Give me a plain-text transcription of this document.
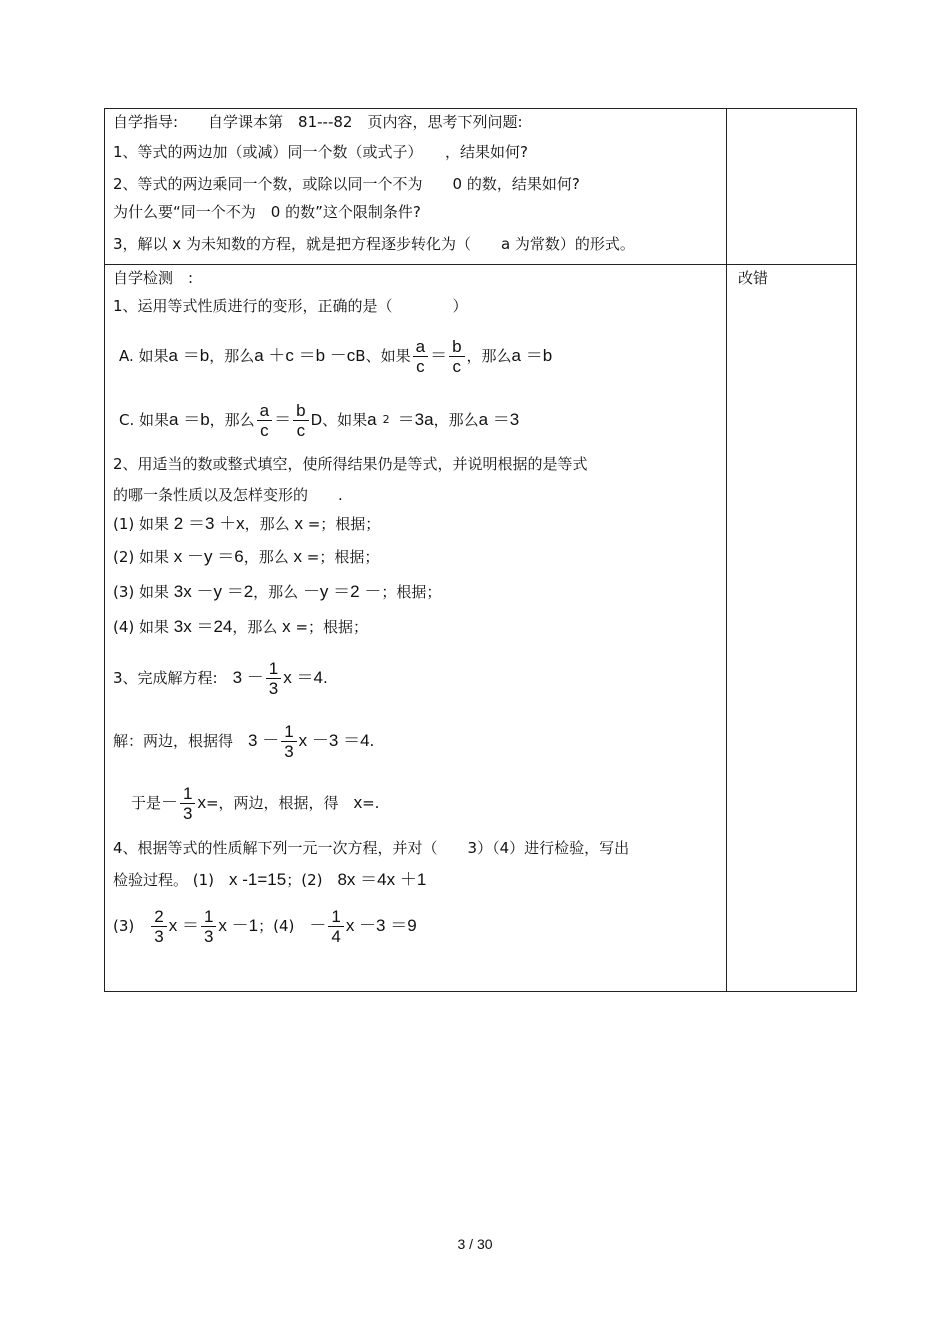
自学指导:　　自学课本第　81---82　页内容，思考下列问题:
1、等式的两边加（或减）同一个数（或式子）　　，结果如何?
2、等式的两边乘同一个数，或除以同一个不为　　0 的数，结果如何?
为什么要“同一个不为　0 的数”这个限制条件?
3，解以 x 为未知数的方程，就是把方程逐步转化为（　　a 为常数）的形式。
自学检测　:	改错
1、运用等式性质进行的变形，正确的是（　　　　）
A. 如果 a ＝b ，那么 a ＋c ＝b －c B、如果 $\frac{a}{c} = \frac{b}{c}$ ，那么 a ＝b
C. 如果 a ＝b ，那么 $\frac{a}{c} = \frac{b}{c}$ D、如果 a 2 ＝3a ，那么 a ＝3
2、用适当的数或整式填空，使所得结果仍是等式，并说明根据的是等式
的哪一条性质以及怎样变形的　　.
(1) 如果 2 ＝3 ＋x，那么 x =；根据；
(2) 如果 x －y ＝6，那么 x =；根据；
(3) 如果 3x －y ＝2，那么 －y ＝2 －；根据；
(4) 如果 3x ＝24，那么 x =；根据；
3、完成解方程:　 $3 - \frac{1}{3}$ x ＝4 .
解：两边，根据得　 $3 - \frac{1}{3}$ x －3 ＝4 .
于是 － $\frac{1}{3}$ x =，两边，根据，得　 x =.
4、根据等式的性质解下列一元一次方程，并对（　　3）（4）进行检验，写出
检验过程。 (1)　x -1=15；(2)　8x ＝4x ＋1
(3)　 $\frac{2}{3}$ $x = \frac{1}{3}$ x －1 ；(4)　 － $\frac{1}{4}$ x －3 ＝9
3 / 30
